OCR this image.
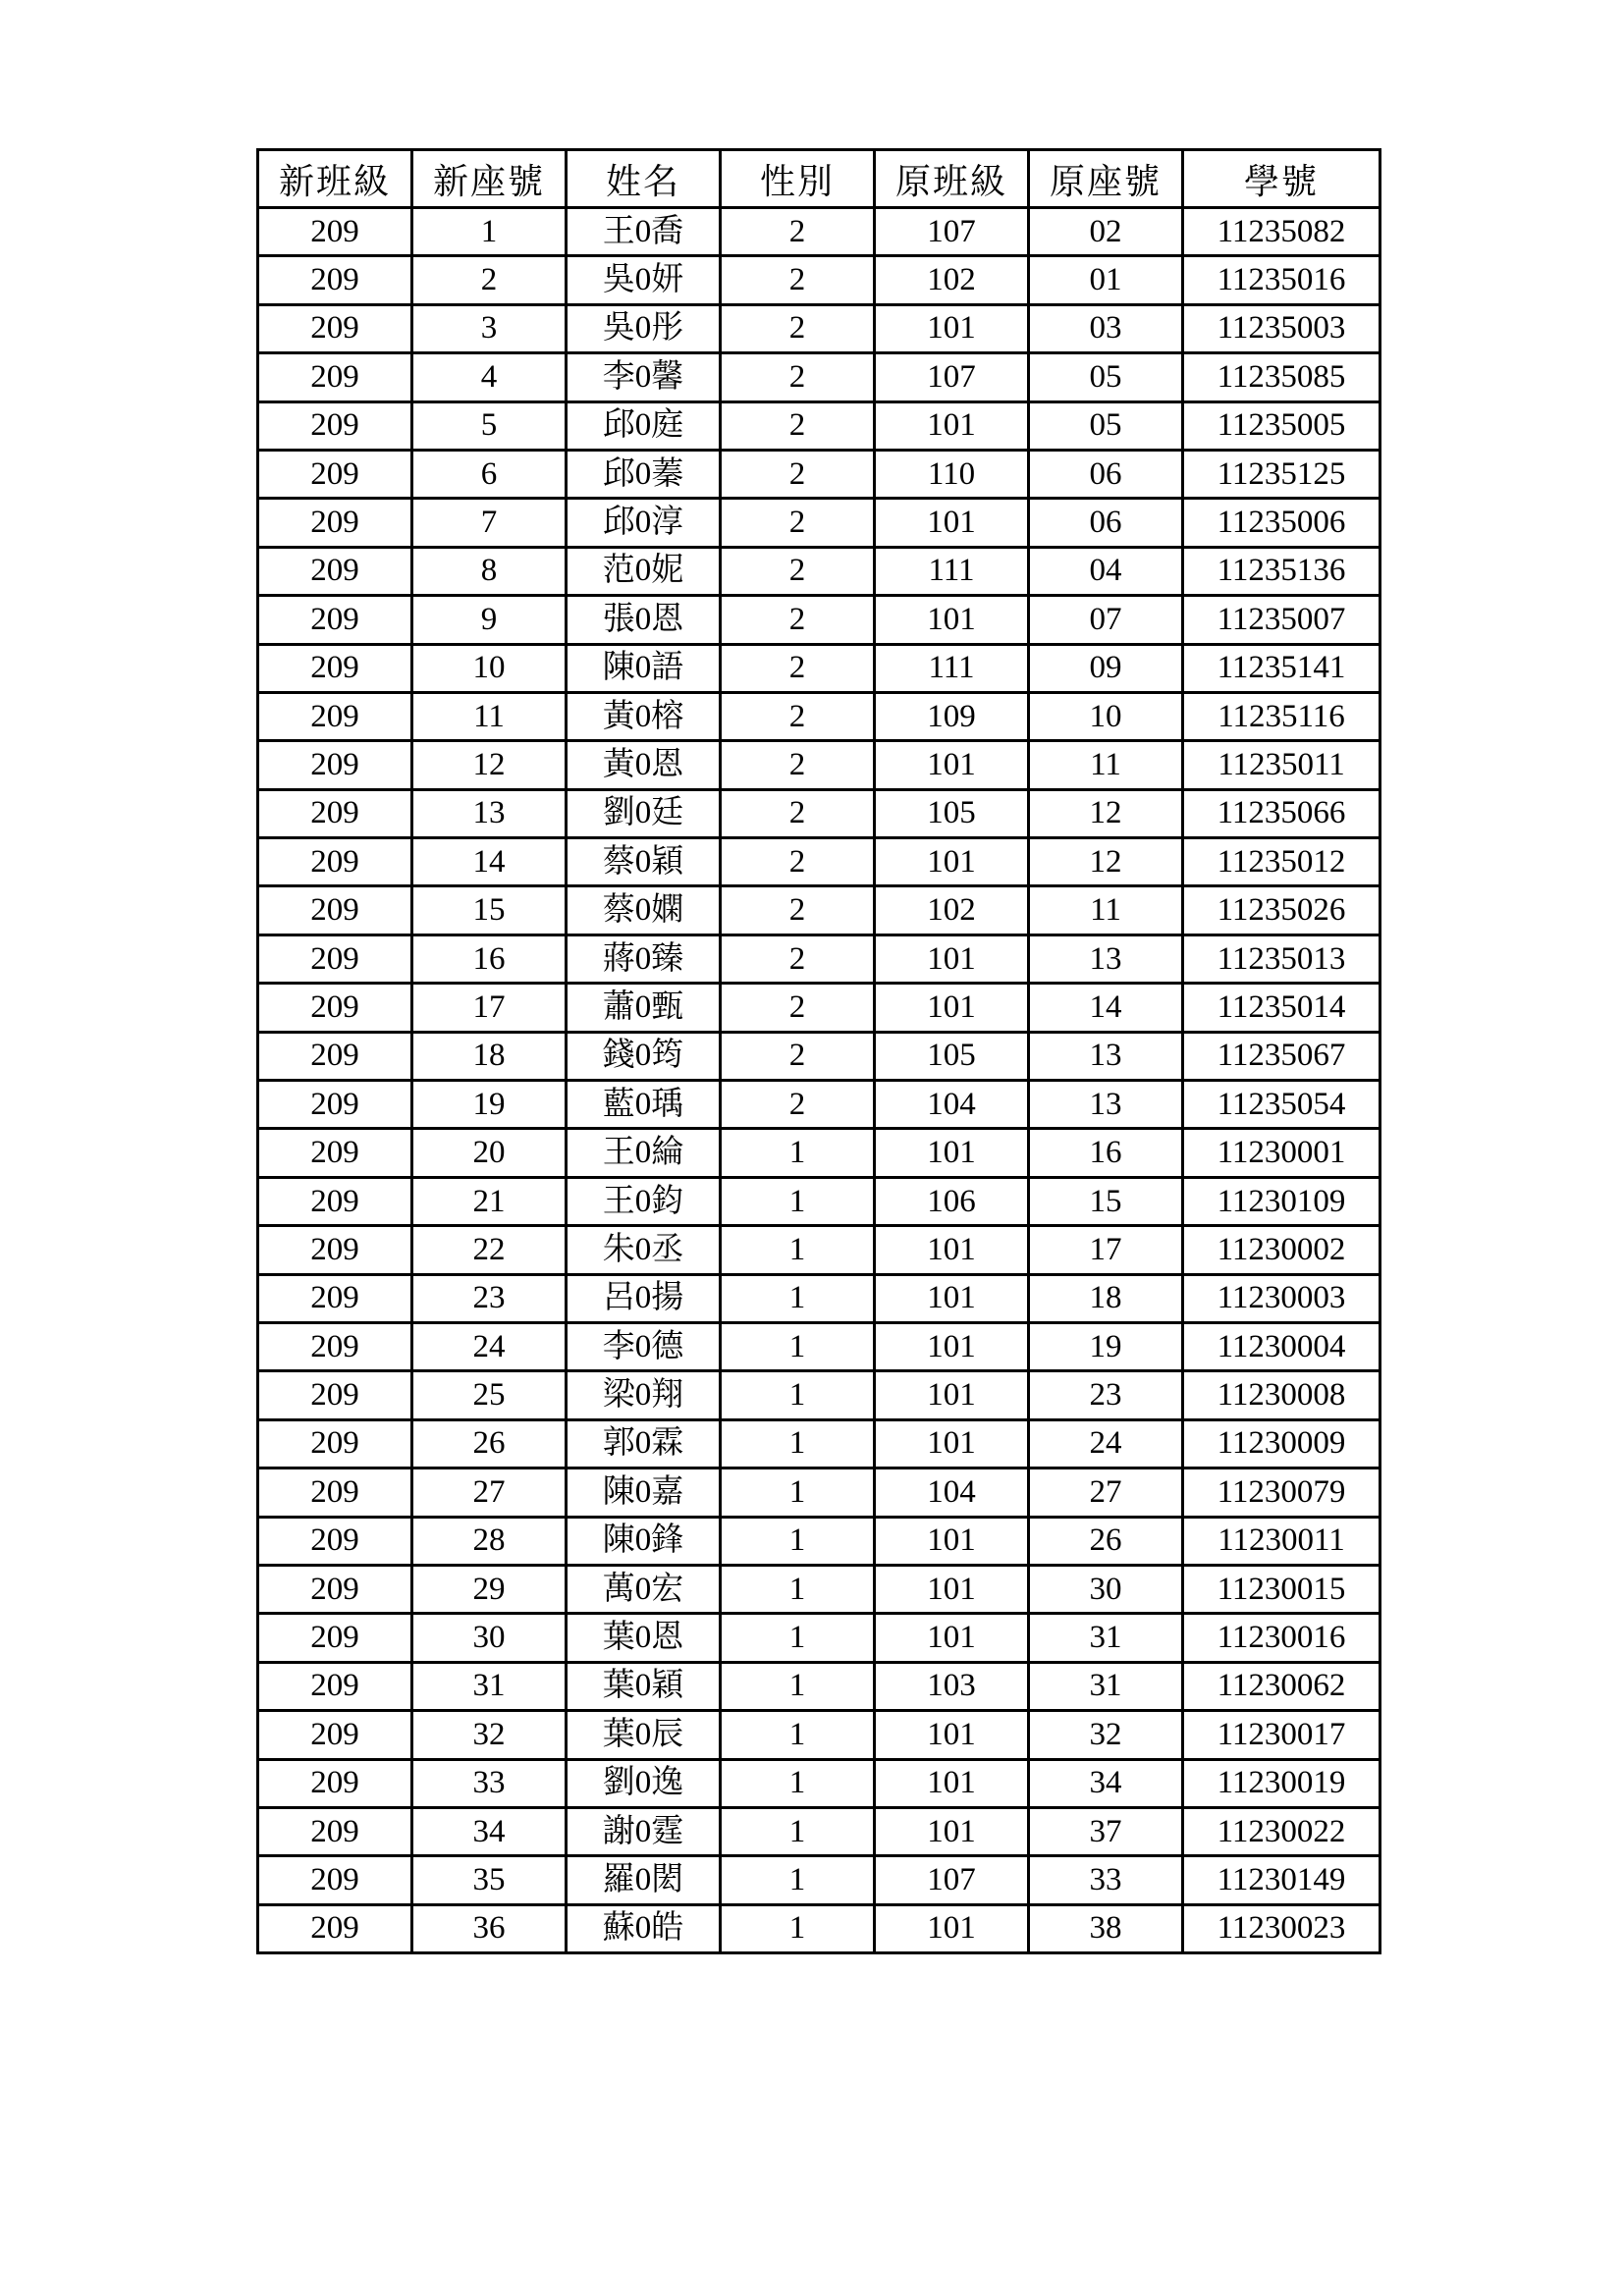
新班級	新座號	姓名	性別	原班級	原座號	學號
209	1	王0喬	2	107	02	11235082
209	2	吳0妍	2	102	01	11235016
209	3	吳0彤	2	101	03	11235003
209	4	李0馨	2	107	05	11235085
209	5	邱0庭	2	101	05	11235005
209	6	邱0蓁	2	110	06	11235125
209	7	邱0淳	2	101	06	11235006
209	8	范0妮	2	111	04	11235136
209	9	張0恩	2	101	07	11235007
209	10	陳0語	2	111	09	11235141
209	11	黃0榕	2	109	10	11235116
209	12	黃0恩	2	101	11	11235011
209	13	劉0廷	2	105	12	11235066
209	14	蔡0穎	2	101	12	11235012
209	15	蔡0嫻	2	102	11	11235026
209	16	蔣0臻	2	101	13	11235013
209	17	蕭0甄	2	101	14	11235014
209	18	錢0筠	2	105	13	11235067
209	19	藍0瑀	2	104	13	11235054
209	20	王0綸	1	101	16	11230001
209	21	王0鈞	1	106	15	11230109
209	22	朱0丞	1	101	17	11230002
209	23	呂0揚	1	101	18	11230003
209	24	李0德	1	101	19	11230004
209	25	梁0翔	1	101	23	11230008
209	26	郭0霖	1	101	24	11230009
209	27	陳0嘉	1	104	27	11230079
209	28	陳0鋒	1	101	26	11230011
209	29	萬0宏	1	101	30	11230015
209	30	葉0恩	1	101	31	11230016
209	31	葉0穎	1	103	31	11230062
209	32	葉0辰	1	101	32	11230017
209	33	劉0逸	1	101	34	11230019
209	34	謝0霆	1	101	37	11230022
209	35	羅0閎	1	107	33	11230149
209	36	蘇0皓	1	101	38	11230023
